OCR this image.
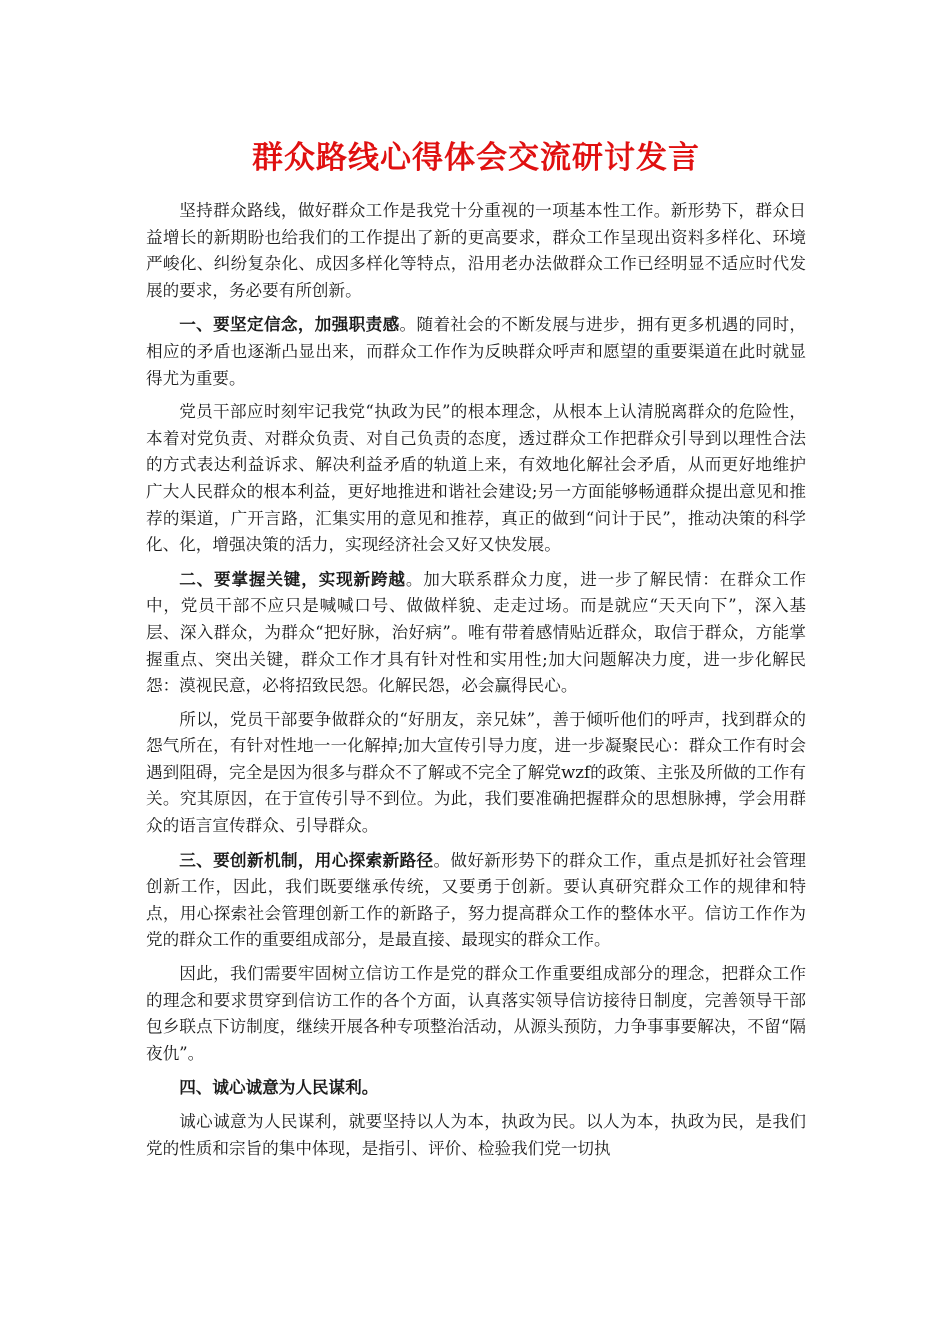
群众路线心得体会交流研讨发言

坚持群众路线，做好群众工作是我党十分重视的一项基本性工作。新形势下，群众日益增长的新期盼也给我们的工作提出了新的更高要求，群众工作呈现出资料多样化、环境严峻化、纠纷复杂化、成因多样化等特点，沿用老办法做群众工作已经明显不适应时代发展的要求，务必要有所创新。

一、要坚定信念，加强职责感。随着社会的不断发展与进步，拥有更多机遇的同时，相应的矛盾也逐渐凸显出来，而群众工作作为反映群众呼声和愿望的重要渠道在此时就显得尤为重要。

党员干部应时刻牢记我党“执政为民”的根本理念，从根本上认清脱离群众的危险性，本着对党负责、对群众负责、对自己负责的态度，透过群众工作把群众引导到以理性合法的方式表达利益诉求、解决利益矛盾的轨道上来，有效地化解社会矛盾，从而更好地维护广大人民群众的根本利益，更好地推进和谐社会建设;另一方面能够畅通群众提出意见和推荐的渠道，广开言路，汇集实用的意见和推荐，真正的做到“问计于民”，推动决策的科学化、化，增强决策的活力，实现经济社会又好又快发展。

二、要掌握关键，实现新跨越。加大联系群众力度，进一步了解民情：在群众工作中，党员干部不应只是喊喊口号、做做样貌、走走过场。而是就应“天天向下”，深入基层、深入群众，为群众“把好脉，治好病”。唯有带着感情贴近群众，取信于群众，方能掌握重点、突出关键，群众工作才具有针对性和实用性;加大问题解决力度，进一步化解民怨：漠视民意，必将招致民怨。化解民怨，必会赢得民心。

所以，党员干部要争做群众的“好朋友，亲兄妹”，善于倾听他们的呼声，找到群众的怨气所在，有针对性地一一化解掉;加大宣传引导力度，进一步凝聚民心：群众工作有时会遇到阻碍，完全是因为很多与群众不了解或不完全了解党wzf的政策、主张及所做的工作有关。究其原因，在于宣传引导不到位。为此，我们要准确把握群众的思想脉搏，学会用群众的语言宣传群众、引导群众。

三、要创新机制，用心探索新路径。做好新形势下的群众工作，重点是抓好社会管理创新工作，因此，我们既要继承传统，又要勇于创新。要认真研究群众工作的规律和特点，用心探索社会管理创新工作的新路子，努力提高群众工作的整体水平。信访工作作为党的群众工作的重要组成部分，是最直接、最现实的群众工作。

因此，我们需要牢固树立信访工作是党的群众工作重要组成部分的理念，把群众工作的理念和要求贯穿到信访工作的各个方面，认真落实领导信访接待日制度，完善领导干部包乡联点下访制度，继续开展各种专项整治活动，从源头预防，力争事事要解决，不留“隔夜仇”。

四、诚心诚意为人民谋利。

诚心诚意为人民谋利，就要坚持以人为本，执政为民。以人为本，执政为民，是我们党的性质和宗旨的集中体现，是指引、评价、检验我们党一切执
